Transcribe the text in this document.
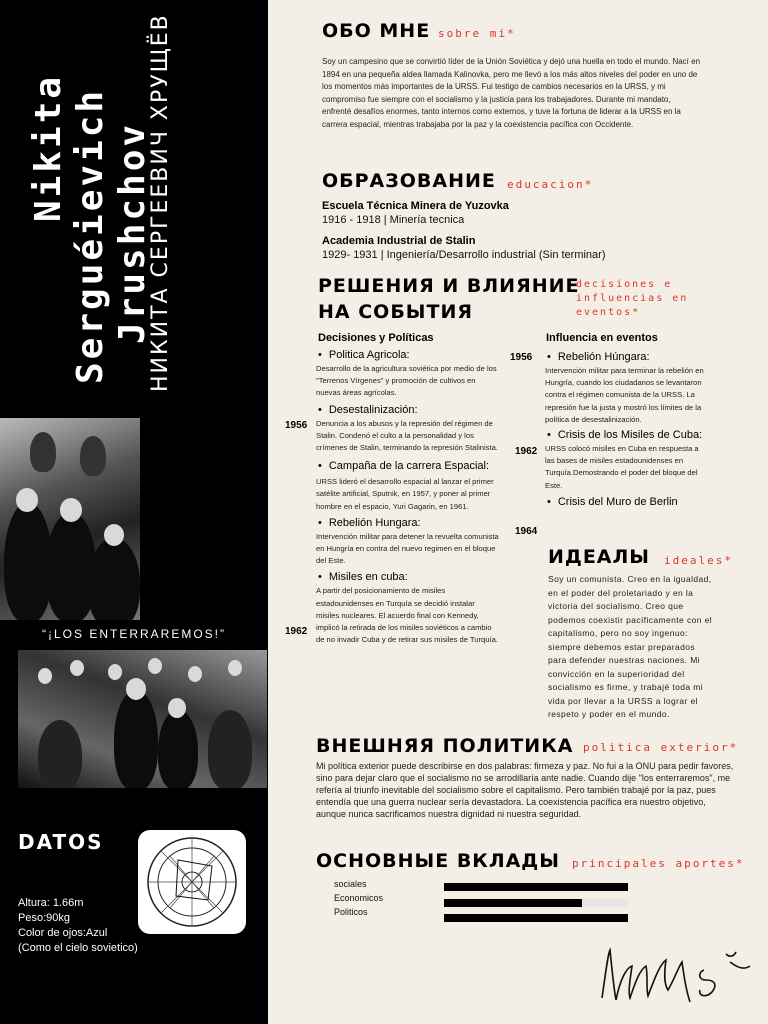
Nikita Serguéievich Jrushchov
НИКИТА СЕРГЕЕВИЧ ХРУЩЁВ
“¡LOS ENTERRAREMOS!”
DATOS
Altura: 1.66m
Peso:90kg
Color de ojos:Azul
(Como el cielo sovietico)
ОБО МНЕ sobre mi*
Soy un campesino que se convirtió líder de la Unión Soviética y dejó una huella en todo el mundo. Nací en 1894 en una pequeña aldea llamada Kalinovka, pero me llevó a los más altos niveles del poder en uno de los momentos más importantes de la URSS. Fui testigo de cambios necesarios en la URSS, y mi compromiso fue siempre con el socialismo y la justicia para los trabajadores. Durante mi mandato, enfrenté desafíos enormes, tanto internos como externos, y tuve la fortuna de liderar a la URSS en la carrera espacial, mientras trabajaba por la paz y la coexistencia pacífica con Occidente.
ОБРАЗОВАНИЕ educacion*
Escuela Técnica Minera de Yuzovka
1916 - 1918 | Minería tecnica
Academia Industrial de Stalin
1929- 1931 | Ingeniería/Desarrollo industrial (Sin terminar)
РЕШЕНИЯ И ВЛИЯНИЕ
НА СОБЫТИЯ
decisiones e
influencias en
eventos*
Decisiones y Políticas	Influencia en eventos
• Politica Agricola:
Desarrollo de la agricultura soviética por medio de los "Terrenos Vírgenes" y promoción de cultivos en nuevas áreas agrícolas.
• Desestalinización:
Denuncia a los abusos y la represión del régimen de Stalin. Condenó el culto a la personalidad y los crímenes de Stalin, terminando la represión Stalinista.
• Campaña de la carrera Espacial:
URSS lideró el desarrollo espacial al lanzar el primer satélite artificial, Sputnik, en 1957, y poner al primer hombre en el espacio, Yuri Gagarin, en 1961.
• Rebelión Hungara:
Intervención militar para detener la revuelta comunista en Hungría en contra del nuevo regimen en el bloque del Este.
• Misiles en cuba:
A partir del posicionamiento de misiles estadounidenses en Turquía se decidió instalar misiles nucleares. El acuerdo final con Kennedy, implicó la retirada de los misiles soviéticos a cambio de no invadir Cuba y de retirar sus misiles de Turquía.
1956
1962
• Rebelión Húngara:
Intervención militar para terminar la rebelión en Hungría, cuando los ciudadanos se levantaron contra el régimen comunista de la URSS. La represión fue la justa y mostró los límites de la política de desestalinización.
• Crisis de los Misiles de Cuba:
URSS colocó misiles en Cuba en respuesta a las bases de misiles estadounidenses en Turquía.Demostrando el poder del bloque del Este.
• Crisis del Muro de Berlin
1956
1962
1964
ИДЕАЛЫ ideales*
Soy un comunista. Creo en la igualdad, en el poder del proletariado y en la victoria del socialismo. Creo que podemos coexistir pacíficamente con el capitalismo, pero no soy ingenuo: siempre debemos estar preparados para defender nuestras naciones. Mi convicción en la superioridad del socialismo es firme, y trabajé toda mi vida por llevar a la URSS a lograr el respeto y poder en el mundo.
ВНЕШНЯЯ ПОЛИТИКА politica exterior*
Mi política exterior puede describirse en dos palabras: firmeza y paz. No fui a la ONU para pedir favores, sino para dejar claro que el socialismo no se arrodillaría ante nadie. Cuando dije "los enterraremos", me refería al triunfo inevitable del socialismo sobre el capitalismo. Pero también trabajé por la paz, pues entendía que una guerra nuclear sería devastadora. La coexistencia pacífica era nuestro objetivo, aunque nunca sacrificamos nuestra dignidad ni nuestra seguridad.
ОСНОВНЫЕ ВКЛАДЫ principales aportes*
sociales
Economicos
Politicos
